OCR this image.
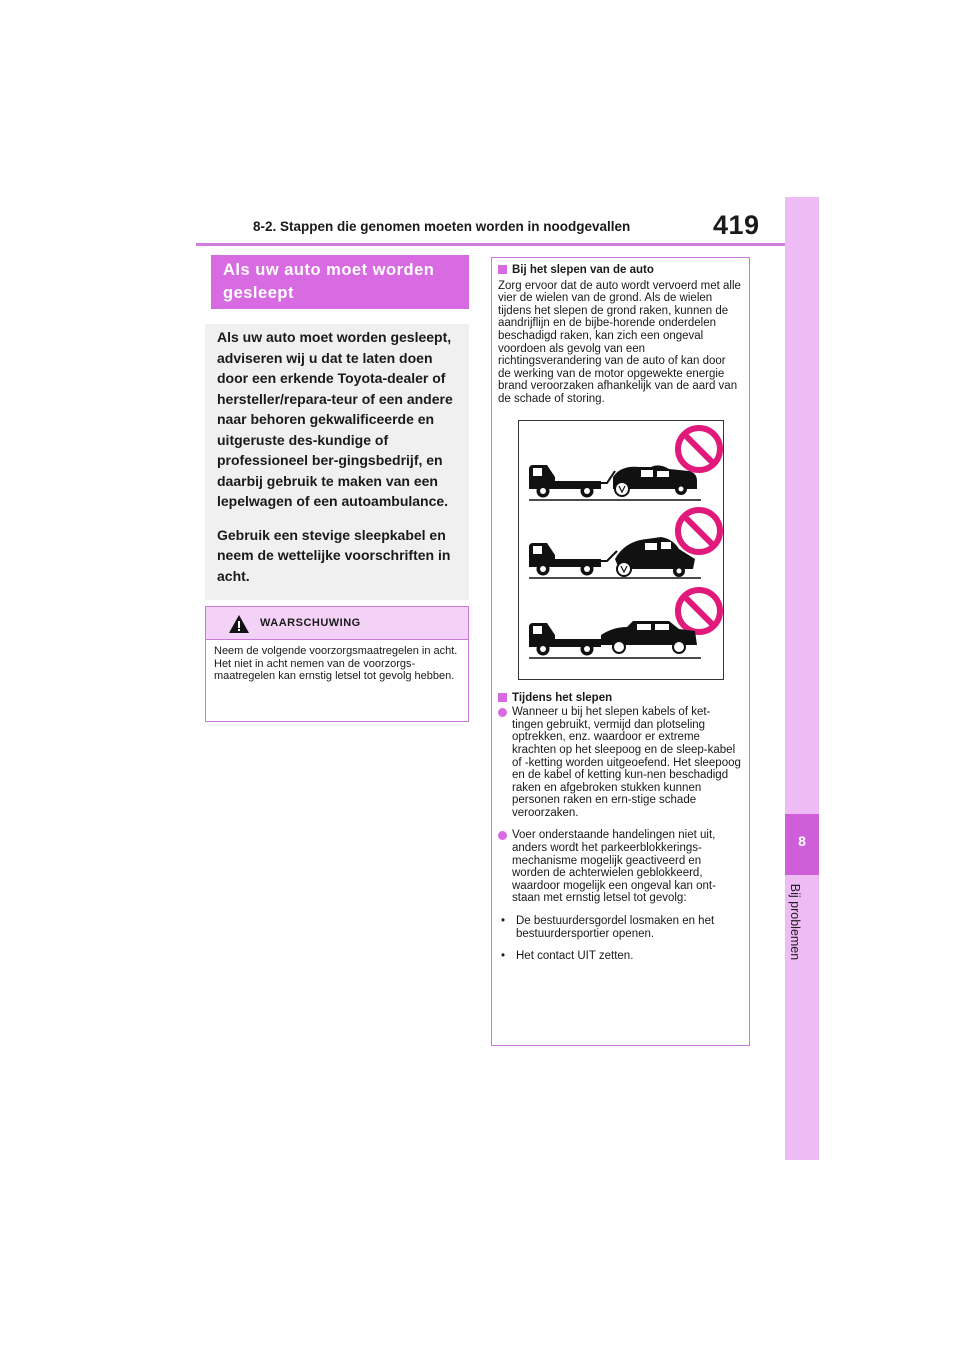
419
8-2. Stappen die genomen moeten worden in noodgevallen
8
Bij problemen
Als uw auto moet worden gesleept

Als uw auto moet worden gesleept, adviseren wij u dat te laten doen door een erkende Toyota-dealer of hersteller/repara-teur of een andere naar behoren gekwalificeerde en uitgeruste des-kundige of professioneel ber-gingsbedrijf, en daarbij gebruik te maken van een lepelwagen of een autoambulance.

Gebruik een stevige sleepkabel en neem de wettelijke voorschriften in acht.

WAARSCHUWING
Neem de volgende voorzorgsmaatregelen in acht.
Het niet in acht nemen van de voorzorgs-maatregelen kan ernstig letsel tot gevolg hebben.
Bij het slepen van de auto
Zorg ervoor dat de auto wordt vervoerd met alle vier de wielen van de grond. Als de wielen tijdens het slepen de grond raken, kunnen de aandrijflijn en de bijbe-horende onderdelen beschadigd raken, kan zich een ongeval voordoen als gevolg van een richtingsverandering van de auto of kan door de werking van de motor opgewekte energie brand veroorzaken afhankelijk van de aard van de schade of storing.
Tijdens het slepen
Wanneer u bij het slepen kabels of ket-tingen gebruikt, vermijd dan plotseling optrekken, enz. waardoor er extreme krachten op het sleepoog en de sleep-kabel of -ketting worden uitgeoefend. Het sleepoog en de kabel of ketting kun-nen beschadigd raken en afgebroken stukken kunnen personen raken en ern-stige schade veroorzaken.
Voer onderstaande handelingen niet uit, anders wordt het parkeerblokkerings-mechanisme mogelijk geactiveerd en worden de achterwielen geblokkeerd, waardoor mogelijk een ongeval kan ont-staan met ernstig letsel tot gevolg:
• De bestuurdersgordel losmaken en het bestuurdersportier openen.
• Het contact UIT zetten.
